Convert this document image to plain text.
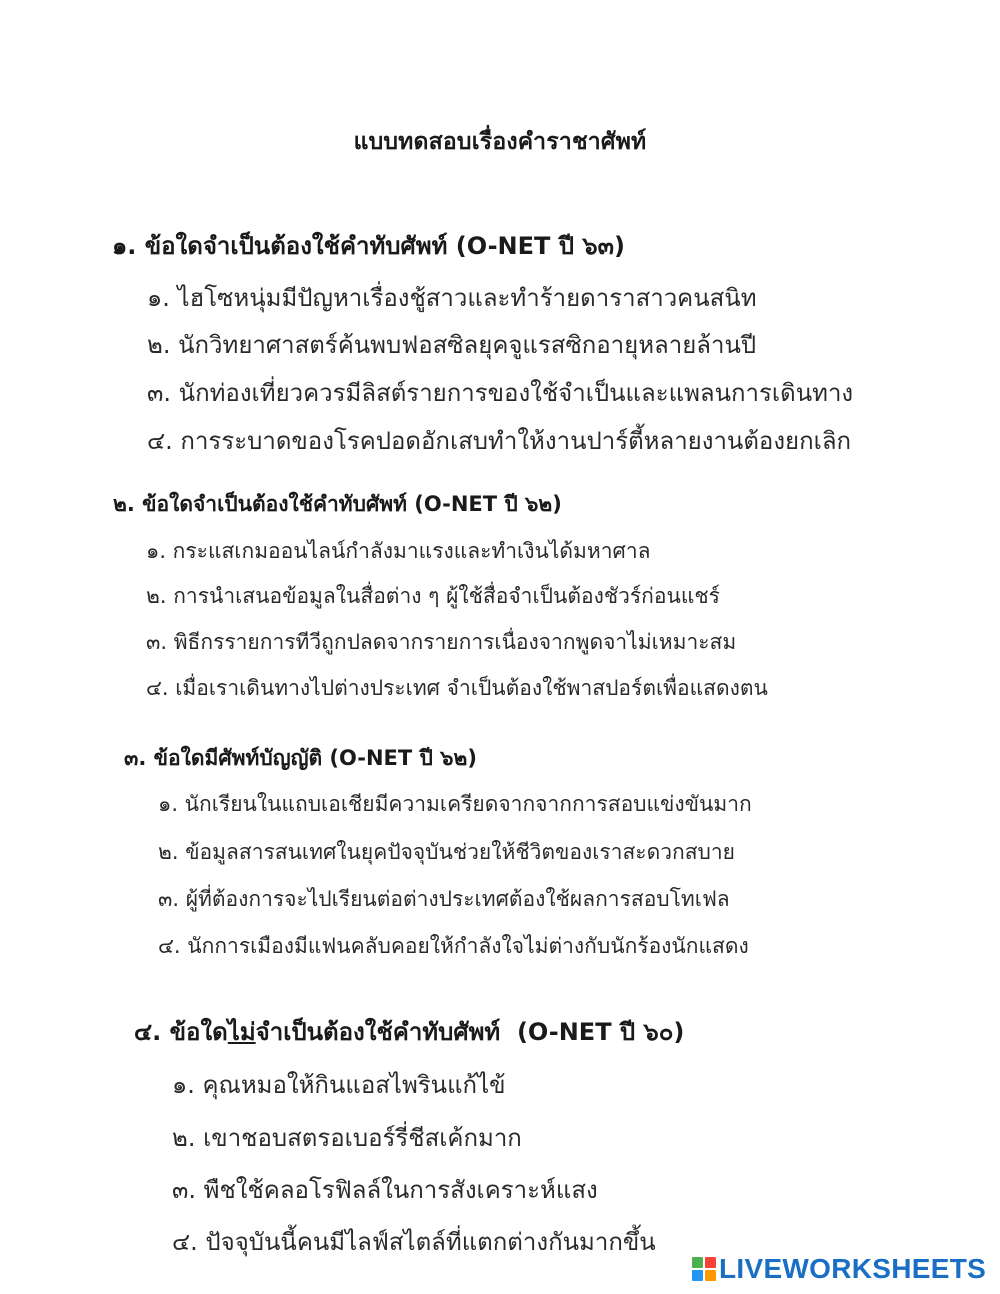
แบบทดสอบเรื่องคำราชาศัพท์
๑. ข้อใดจำเป็นต้องใช้คำทับศัพท์ (O-NET ปี ๖๓)
๑. ไฮโซหนุ่มมีปัญหาเรื่องชู้สาวและทำร้ายดาราสาวคนสนิท
๒. นักวิทยาศาสตร์ค้นพบฟอสซิลยุคจูแรสซิกอายุหลายล้านปี
๓. นักท่องเที่ยวควรมีลิสต์รายการของใช้จำเป็นและแพลนการเดินทาง
๔. การระบาดของโรคปอดอักเสบทำให้งานปาร์ตี้หลายงานต้องยกเลิก
๒. ข้อใดจำเป็นต้องใช้คำทับศัพท์ (O-NET ปี ๖๒)
๑. กระแสเกมออนไลน์กำลังมาแรงและทำเงินได้มหาศาล
๒. การนำเสนอข้อมูลในสื่อต่าง ๆ ผู้ใช้สื่อจำเป็นต้องชัวร์ก่อนแชร์
๓. พิธีกรรายการทีวีถูกปลดจากรายการเนื่องจากพูดจาไม่เหมาะสม
๔. เมื่อเราเดินทางไปต่างประเทศ จำเป็นต้องใช้พาสปอร์ตเพื่อแสดงตน
๓. ข้อใดมีศัพท์บัญญัติ (O-NET ปี ๖๒)
๑. นักเรียนในแถบเอเชียมีความเครียดจากจากการสอบแข่งขันมาก
๒. ข้อมูลสารสนเทศในยุคปัจจุบันช่วยให้ชีวิตของเราสะดวกสบาย
๓. ผู้ที่ต้องการจะไปเรียนต่อต่างประเทศต้องใช้ผลการสอบโทเฟล
๔. นักการเมืองมีแฟนคลับคอยให้กำลังใจไม่ต่างกับนักร้องนักแสดง
๔. ข้อใดไม่จำเป็นต้องใช้คำทับศัพท์  (O-NET ปี ๖๐)
๑. คุณหมอให้กินแอสไพรินแก้ไข้
๒. เขาชอบสตรอเบอร์รี่ชีสเค้กมาก
๓. พืชใช้คลอโรฟิลล์ในการสังเคราะห์แสง
๔. ปัจจุบันนี้คนมีไลฟ์สไตล์ที่แตกต่างกันมากขึ้น
LIVEWORKSHEETS
